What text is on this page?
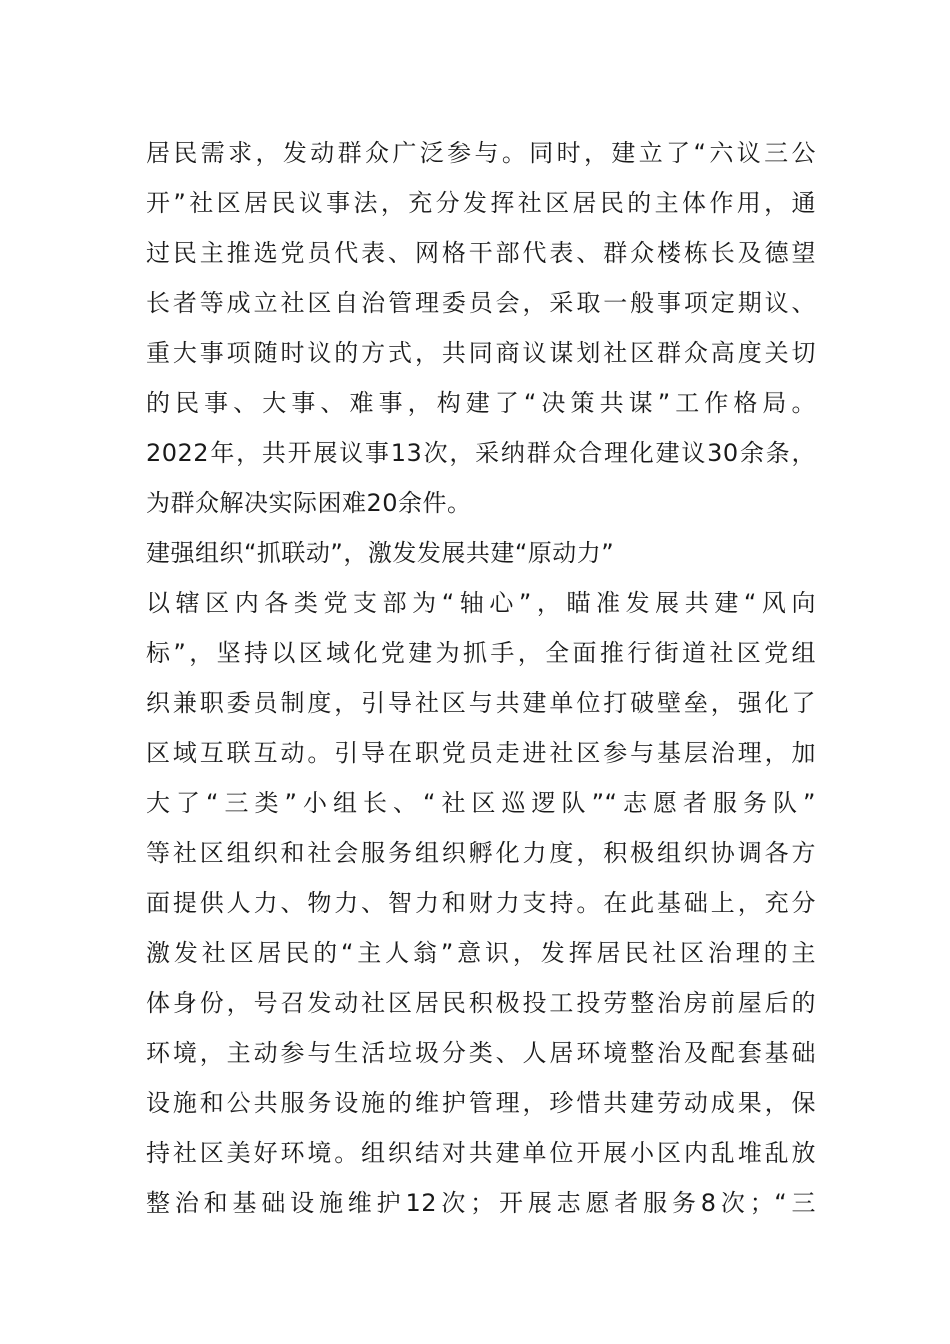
居民需求，发动群众广泛参与。同时，建立了“六议三公
开”社区居民议事法，充分发挥社区居民的主体作用，通
过民主推选党员代表、网格干部代表、群众楼栋长及德望
长者等成立社区自治管理委员会，采取一般事项定期议、
重大事项随时议的方式，共同商议谋划社区群众高度关切
的民事、大事、难事，构建了“决策共谋”工作格局。
2022年，共开展议事13次，采纳群众合理化建议30余条，
为群众解决实际困难20余件。
建强组织“抓联动”，激发发展共建“原动力”
以辖区内各类党支部为“轴心”，瞄准发展共建“风向
标”，坚持以区域化党建为抓手，全面推行街道社区党组
织兼职委员制度，引导社区与共建单位打破壁垒，强化了
区域互联互动。引导在职党员走进社区参与基层治理，加
大了“三类”小组长、“社区巡逻队”“志愿者服务队”
等社区组织和社会服务组织孵化力度，积极组织协调各方
面提供人力、物力、智力和财力支持。在此基础上，充分
激发社区居民的“主人翁”意识，发挥居民社区治理的主
体身份，号召发动社区居民积极投工投劳整治房前屋后的
环境，主动参与生活垃圾分类、人居环境整治及配套基础
设施和公共服务设施的维护管理，珍惜共建劳动成果，保
持社区美好环境。组织结对共建单位开展小区内乱堆乱放
整治和基础设施维护12次；开展志愿者服务8次；“三
